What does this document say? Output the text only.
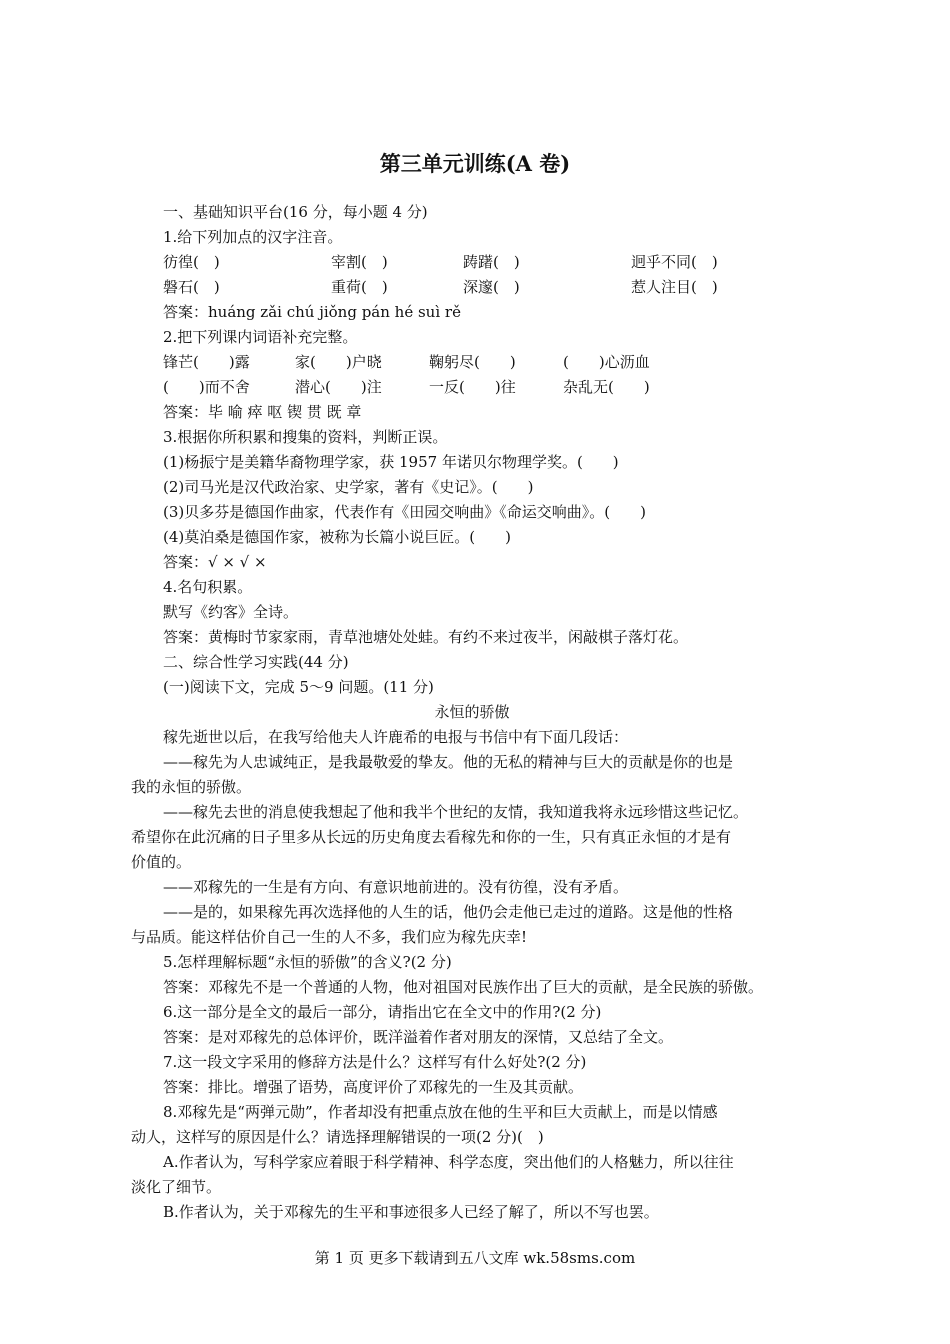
第三单元训练(A 卷)
一、基础知识平台(16 分，每小题 4 分)
1.给下列加点的汉字注音。
彷徨(　)	宰割(　)	踌躇(　)	迥乎不同(　)
磐石(　)	重荷(　)	深邃(　)	惹人注目(　)
答案：huáng zǎi chú jiǒng pán hé suì rě
2.把下列课内词语补充完整。
锋芒(　　)露	家(　　)户晓	鞠躬尽(　　)	(　　)心沥血
(　　)而不舍	潜心(　　)注	一反(　　)往	杂乱无(　　)
答案：毕 喻 瘁 呕 锲 贯 既 章
3.根据你所积累和搜集的资料，判断正误。
(1)杨振宁是美籍华裔物理学家，获 1957 年诺贝尔物理学奖。(　　)
(2)司马光是汉代政治家、史学家，著有《史记》。(　　)
(3)贝多芬是德国作曲家，代表作有《田园交响曲》《命运交响曲》。(　　)
(4)莫泊桑是德国作家，被称为长篇小说巨匠。(　　)
答案：√ × √ ×
4.名句积累。
默写《约客》全诗。
答案：黄梅时节家家雨，青草池塘处处蛙。有约不来过夜半，闲敲棋子落灯花。
二、综合性学习实践(44 分)
(一)阅读下文，完成 5～9 问题。(11 分)
永恒的骄傲
稼先逝世以后，在我写给他夫人许鹿希的电报与书信中有下面几段话：
——稼先为人忠诚纯正，是我最敬爱的挚友。他的无私的精神与巨大的贡献是你的也是
我的永恒的骄傲。
——稼先去世的消息使我想起了他和我半个世纪的友情，我知道我将永远珍惜这些记忆。
希望你在此沉痛的日子里多从长远的历史角度去看稼先和你的一生，只有真正永恒的才是有
价值的。
——邓稼先的一生是有方向、有意识地前进的。没有彷徨，没有矛盾。
——是的，如果稼先再次选择他的人生的话，他仍会走他已走过的道路。这是他的性格
与品质。能这样估价自己一生的人不多，我们应为稼先庆幸!
5.怎样理解标题“永恒的骄傲”的含义?(2 分)
答案：邓稼先不是一个普通的人物，他对祖国对民族作出了巨大的贡献，是全民族的骄傲。
6.这一部分是全文的最后一部分，请指出它在全文中的作用?(2 分)
答案：是对邓稼先的总体评价，既洋溢着作者对朋友的深情，又总结了全文。
7.这一段文字采用的修辞方法是什么？这样写有什么好处?(2 分)
答案：排比。增强了语势，高度评价了邓稼先的一生及其贡献。
8.邓稼先是“两弹元勋”，作者却没有把重点放在他的生平和巨大贡献上，而是以情感
动人，这样写的原因是什么？请选择理解错误的一项(2 分)(　)
A.作者认为，写科学家应着眼于科学精神、科学态度，突出他们的人格魅力，所以往往
淡化了细节。
B.作者认为，关于邓稼先的生平和事迹很多人已经了解了，所以不写也罢。
第 1 页 更多下载请到五八文库 wk.58sms.com
